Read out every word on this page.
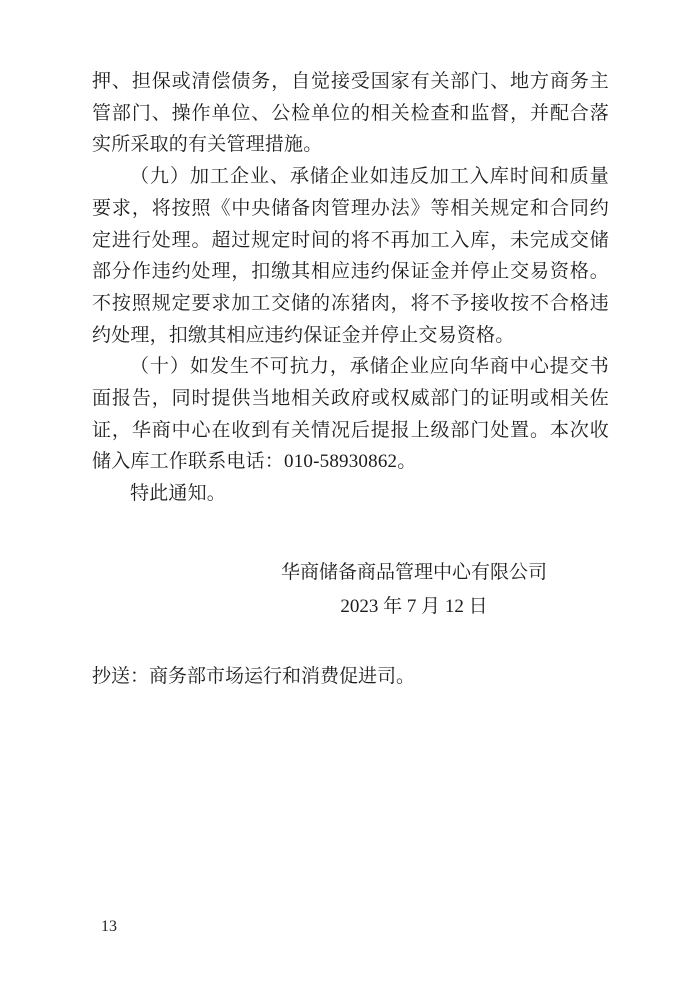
押、担保或清偿债务，自觉接受国家有关部门、地方商务主管部门、操作单位、公检单位的相关检查和监督，并配合落实所采取的有关管理措施。

（九）加工企业、承储企业如违反加工入库时间和质量要求，将按照《中央储备肉管理办法》等相关规定和合同约定进行处理。超过规定时间的将不再加工入库，未完成交储部分作违约处理，扣缴其相应违约保证金并停止交易资格。不按照规定要求加工交储的冻猪肉，将不予接收按不合格违约处理，扣缴其相应违约保证金并停止交易资格。

（十）如发生不可抗力，承储企业应向华商中心提交书面报告，同时提供当地相关政府或权威部门的证明或相关佐证，华商中心在收到有关情况后提报上级部门处置。本次收储入库工作联系电话：010-58930862。

特此通知。

华商储备商品管理中心有限公司
2023 年 7 月 12 日
抄送：商务部市场运行和消费促进司。
13
